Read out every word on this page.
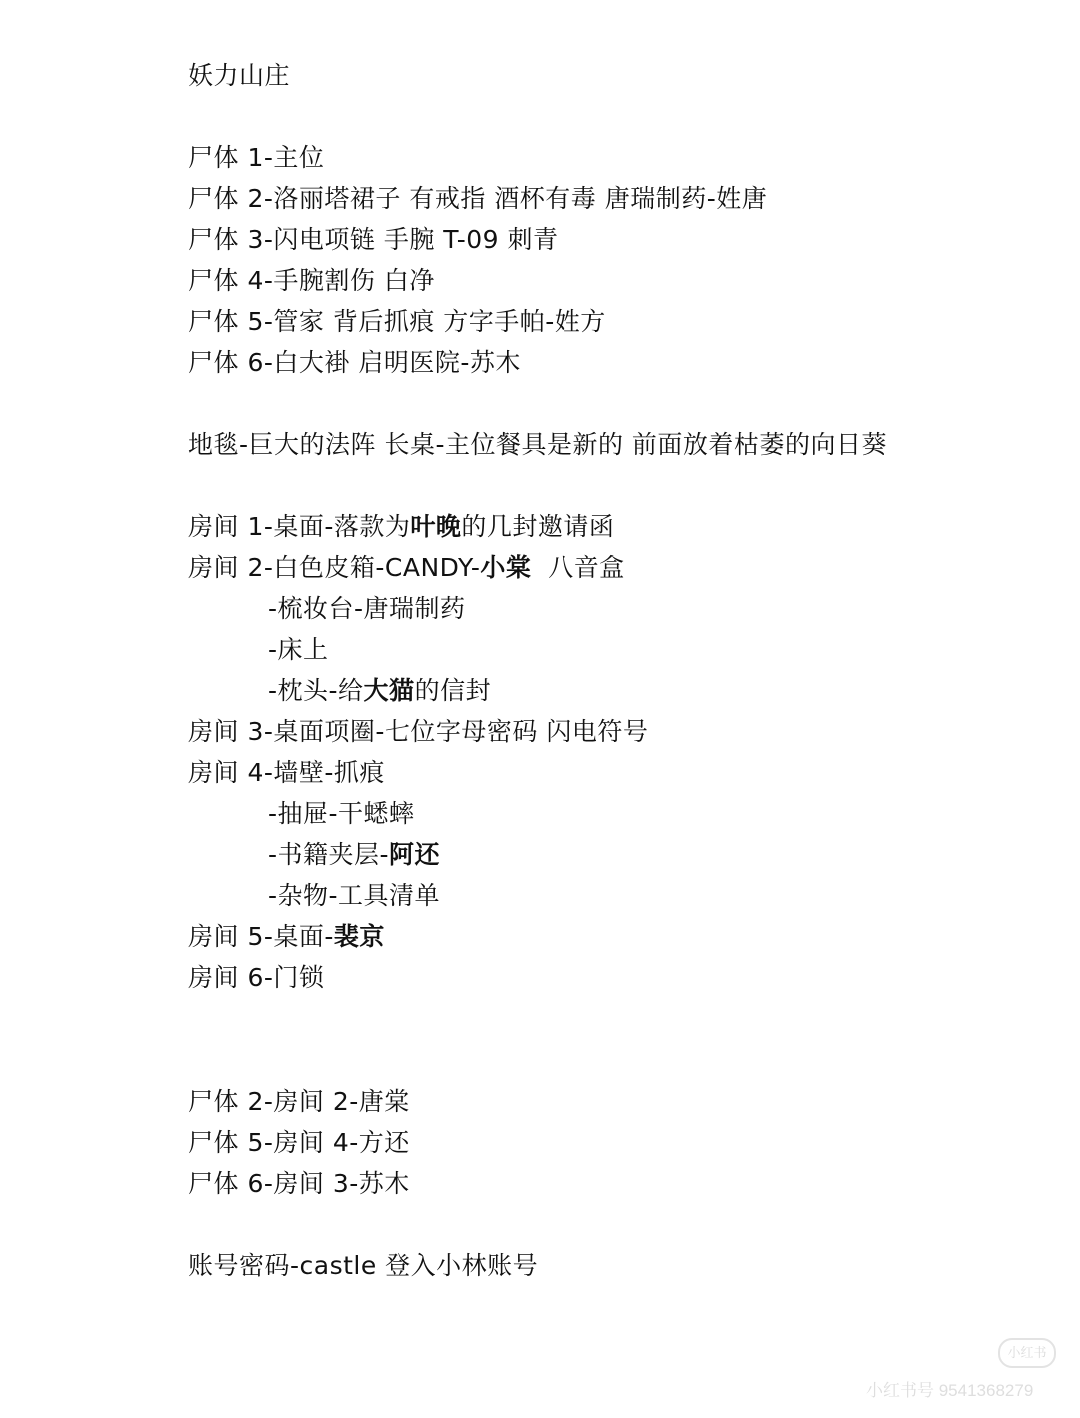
妖力山庄
尸体 1-主位
尸体 2-洛丽塔裙子 有戒指 酒杯有毒 唐瑞制药-姓唐
尸体 3-闪电项链 手腕 T-09 刺青
尸体 4-手腕割伤 白净
尸体 5-管家 背后抓痕 方字手帕-姓方
尸体 6-白大褂 启明医院-苏木
地毯-巨大的法阵 长桌-主位餐具是新的 前面放着枯萎的向日葵
房间 1-桌面-落款为叶晚的几封邀请函
房间 2-白色皮箱-CANDY-小棠  八音盒
-梳妆台-唐瑞制药
-床上
-枕头-给大猫的信封
房间 3-桌面项圈-七位字母密码 闪电符号
房间 4-墙壁-抓痕
-抽屉-干蟋蟀
-书籍夹层-阿还
-杂物-工具清单
房间 5-桌面-裴京
房间 6-门锁
尸体 2-房间 2-唐棠
尸体 5-房间 4-方还
尸体 6-房间 3-苏木
账号密码-castle 登入小林账号
小红书
小红书号 9541368279
